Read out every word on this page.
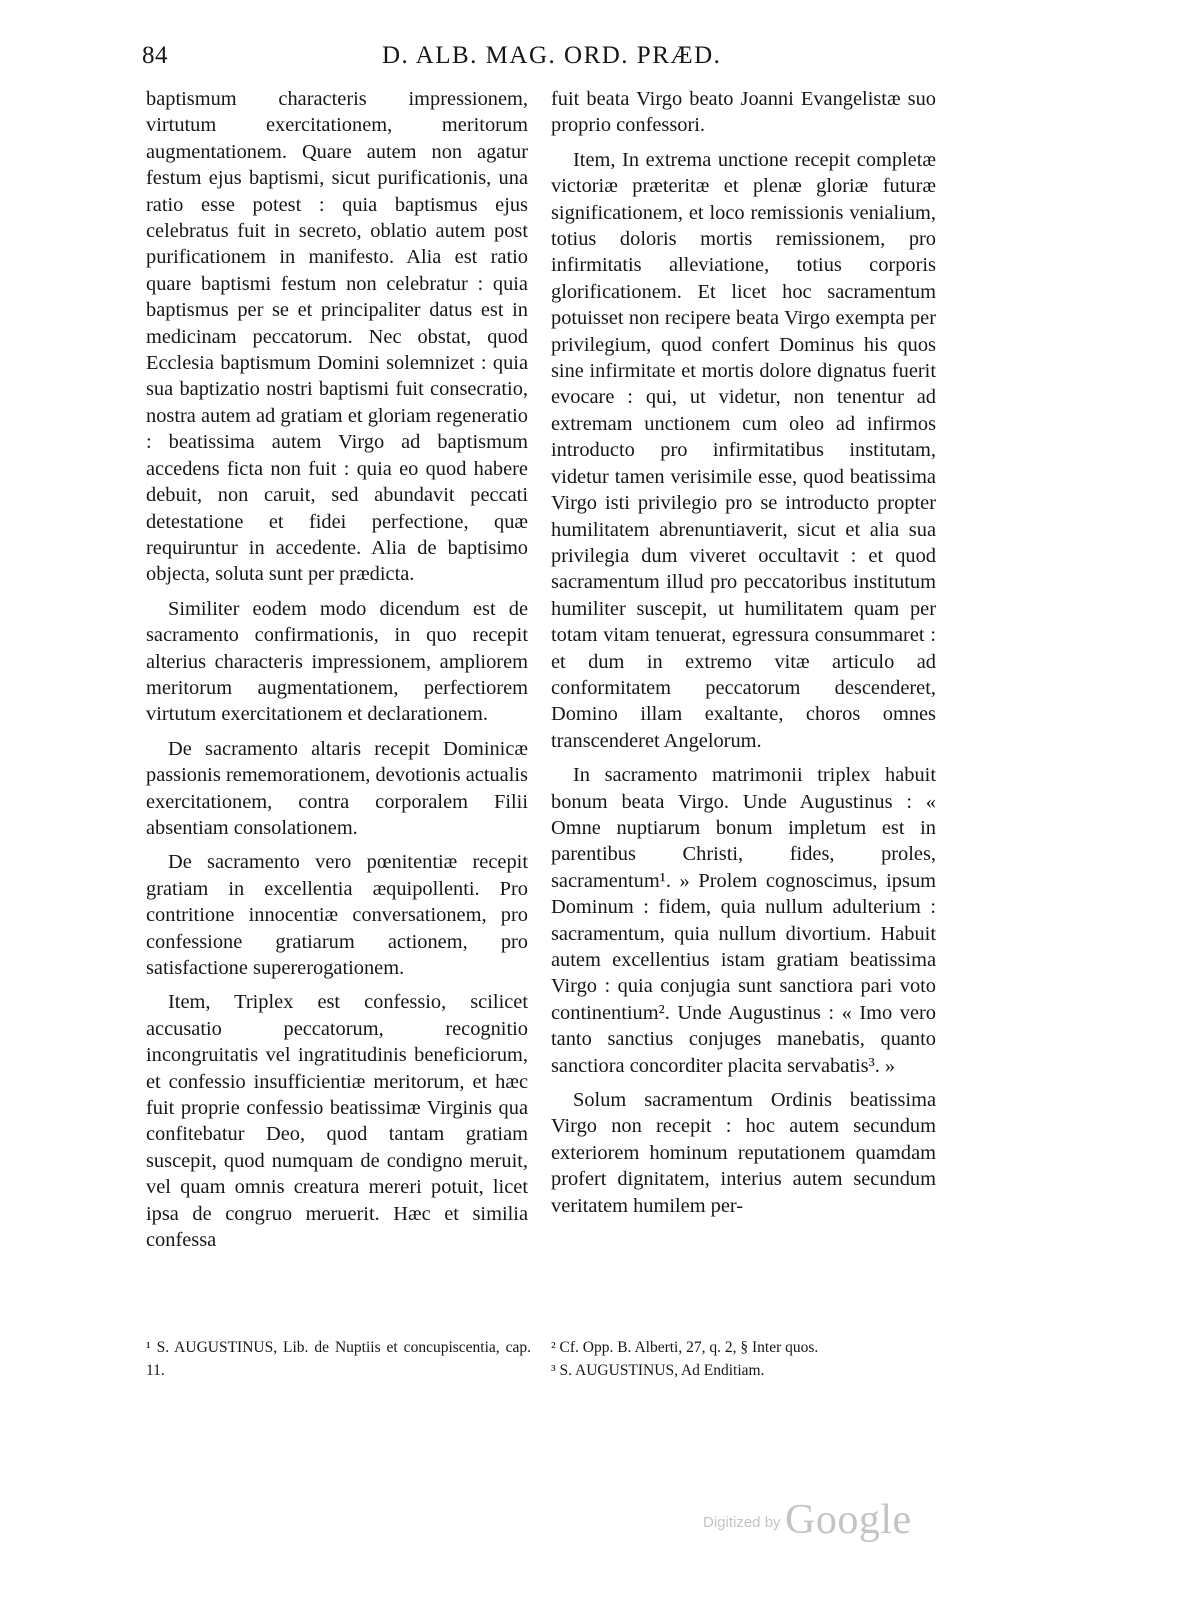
84	D. ALB. MAG. ORD. PRÆD.

baptismum characteris impressionem, virtutum exercitationem, meritorum augmentationem. Quare autem non agatur festum ejus baptismi, sicut purificationis, una ratio esse potest : quia baptismus ejus celebratus fuit in secreto, oblatio autem post purificationem in manifesto. Alia est ratio quare baptismi festum non celebratur : quia baptismus per se et principaliter datus est in medicinam peccatorum. Nec obstat, quod Ecclesia baptismum Domini solemnizet : quia sua baptizatio nostri baptismi fuit consecratio, nostra autem ad gratiam et gloriam regeneratio : beatissima autem Virgo ad baptismum accedens ficta non fuit : quia eo quod habere debuit, non caruit, sed abundavit peccati detestatione et fidei perfectione, quæ requiruntur in accedente. Alia de baptisimo objecta, soluta sunt per prædicta.

Similiter eodem modo dicendum est de sacramento confirmationis, in quo recepit alterius characteris impressionem, ampliorem meritorum augmentationem, perfectiorem virtutum exercitationem et declarationem.

De sacramento altaris recepit Dominicæ passionis rememorationem, devotionis actualis exercitationem, contra corporalem Filii absentiam consolationem.

De sacramento vero pœnitentiæ recepit gratiam in excellentia æquipollenti. Pro contritione innocentiæ conversationem, pro confessione gratiarum actionem, pro satisfactione supererogationem.

Item, Triplex est confessio, scilicet accusatio peccatorum, recognitio incongruitatis vel ingratitudinis beneficiorum, et confessio insufficientiæ meritorum, et hæc fuit proprie confessio beatissimæ Virginis qua confitebatur Deo, quod tantam gratiam suscepit, quod numquam de condigno meruit, vel quam omnis creatura mereri potuit, licet ipsa de congruo meruerit. Hæc et similia confessa

fuit beata Virgo beato Joanni Evangelistæ suo proprio confessori.

Item, In extrema unctione recepit completæ victoriæ præteritæ et plenæ gloriæ futuræ significationem, et loco remissionis venialium, totius doloris mortis remissionem, pro infirmitatis alleviatione, totius corporis glorificationem. Et licet hoc sacramentum potuisset non recipere beata Virgo exempta per privilegium, quod confert Dominus his quos sine infirmitate et mortis dolore dignatus fuerit evocare : qui, ut videtur, non tenentur ad extremam unctionem cum oleo ad infirmos introducto pro infirmitatibus institutam, videtur tamen verisimile esse, quod beatissima Virgo isti privilegio pro se introducto propter humilitatem abrenuntiaverit, sicut et alia sua privilegia dum viveret occultavit : et quod sacramentum illud pro peccatoribus institutum humiliter suscepit, ut humilitatem quam per totam vitam tenuerat, egressura consummaret : et dum in extremo vitæ articulo ad conformitatem peccatorum descenderet, Domino illam exaltante, choros omnes transcenderet Angelorum.

In sacramento matrimonii triplex habuit bonum beata Virgo. Unde Augustinus : « Omne nuptiarum bonum impletum est in parentibus Christi, fides, proles, sacramentum¹. » Prolem cognoscimus, ipsum Dominum : fidem, quia nullum adulterium : sacramentum, quia nullum divortium. Habuit autem excellentius istam gratiam beatissima Virgo : quia conjugia sunt sanctiora pari voto continentium². Unde Augustinus : « Imo vero tanto sanctius conjuges manebatis, quanto sanctiora concorditer placita servabatis³. »

Solum sacramentum Ordinis beatissima Virgo non recepit : hoc autem secundum exteriorem hominum reputationem quamdam profert dignitatem, interius autem secundum veritatem humilem per-

¹ S. AUGUSTINUS, Lib. de Nuptiis et concupiscentia, cap. 11.

² Cf. Opp. B. Alberti, 27, q. 2, § Inter quos.

³ S. AUGUSTINUS, Ad Enditiam.

Digitized by Google
